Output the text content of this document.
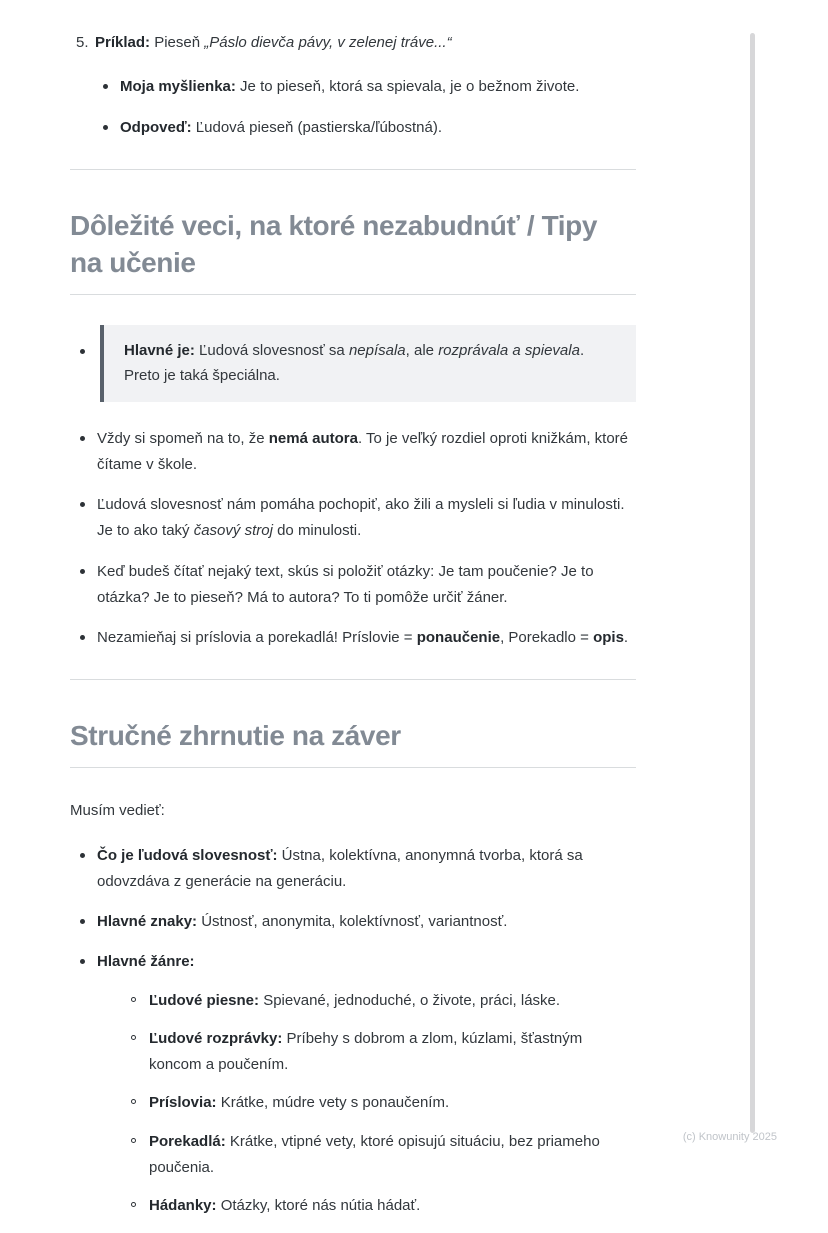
5. Príklad: Pieseň „Páslo dievča pávy, v zelenej tráve...“
Moja myšlienka: Je to pieseň, ktorá sa spievala, je o bežnom živote.
Odpoveď: Ľudová pieseň (pastierska/ľúbostná).
Dôležité veci, na ktoré nezabudnúť / Tipy na učenie
Hlavné je: Ľudová slovesnosť sa nepísala, ale rozprávala a spievala. Preto je taká špeciálna.
Vždy si spomeň na to, že nemá autora. To je veľký rozdiel oproti knižkám, ktoré čítame v škole.
Ľudová slovesnosť nám pomáha pochopiť, ako žili a mysleli si ľudia v minulosti. Je to ako taký časový stroj do minulosti.
Keď budeš čítať nejaký text, skús si položiť otázky: Je tam poučenie? Je to otázka? Je to pieseň? Má to autora? To ti pomôže určiť žáner.
Nezamieňaj si príslovia a porekadlá! Príslovie = ponaučenie, Porekadlo = opis.
Stručné zhrnutie na záver

Musím vedieť:

Čo je ľudová slovesnosť: Ústna, kolektívna, anonymná tvorba, ktorá sa odovzdáva z generácie na generáciu.
Hlavné znaky: Ústnosť, anonymita, kolektívnosť, variantnosť.
Hlavné žánre:
Ľudové piesne: Spievané, jednoduché, o živote, práci, láske.
Ľudové rozprávky: Príbehy s dobrom a zlom, kúzlami, šťastným koncom a poučením.
Príslovia: Krátke, múdre vety s ponaučením.
Porekadlá: Krátke, vtipné vety, ktoré opisujú situáciu, bez priameho poučenia.
Hádanky: Otázky, ktoré nás nútia hádať.
(c) Knowunity 2025
